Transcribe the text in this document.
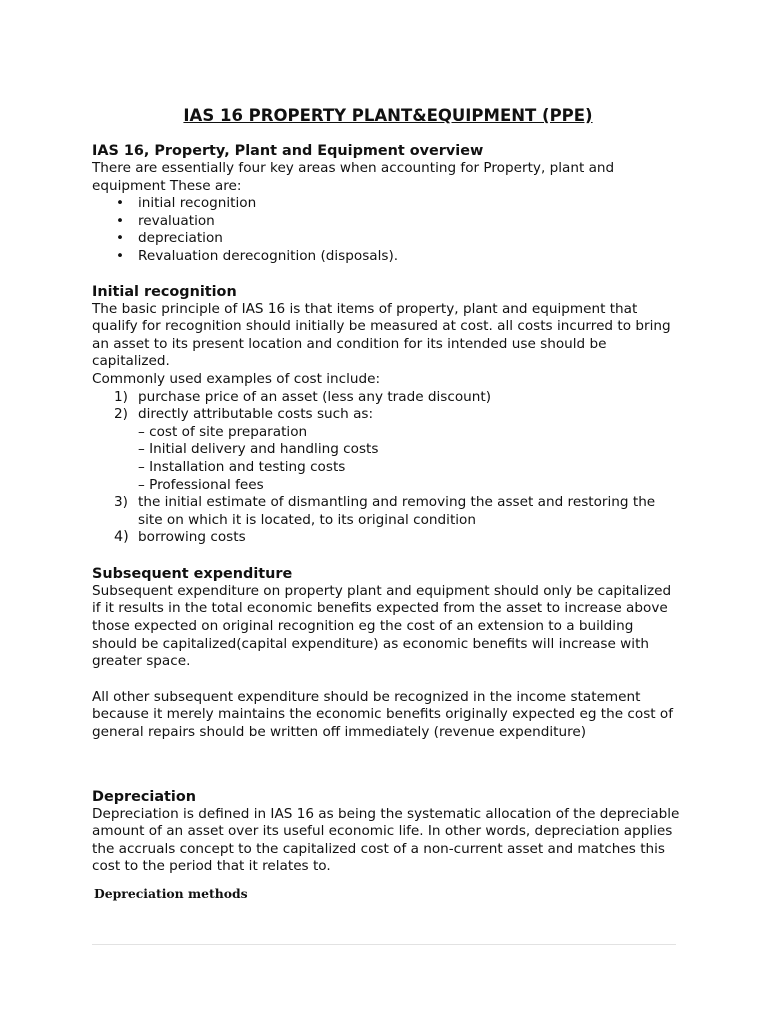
IAS 16 PROPERTY PLANT&EQUIPMENT (PPE)
IAS 16, Property, Plant and Equipment overview

There are essentially four key areas when accounting for Property, plant and equipment These are:

• initial recognition
• revaluation
• depreciation
• Revaluation derecognition (disposals).
Initial recognition

The basic principle of IAS 16 is that items of property, plant and equipment that qualify for recognition should initially be measured at cost. all costs incurred to bring an asset to its present location and condition for its intended use should be capitalized.

Commonly used examples of cost include:

1) purchase price of an asset (less any trade discount)
2) directly attributable costs such as:
– cost of site preparation
– Initial delivery and handling costs
– Installation and testing costs
– Professional fees
3) the initial estimate of dismantling and removing the asset and restoring the site on which it is located, to its original condition
4) borrowing costs
Subsequent expenditure

Subsequent expenditure on property plant and equipment should only be capitalized if it results in the total economic benefits expected from the asset to increase above those expected on original recognition eg the cost of an extension to a building should be capitalized(capital expenditure) as economic benefits will increase with greater space.

All other subsequent expenditure should be recognized in the income statement because it merely maintains the economic benefits originally expected eg the cost of general repairs should be written off immediately (revenue expenditure)

Depreciation

Depreciation is defined in IAS 16 as being the systematic allocation of the depreciable amount of an asset over its useful economic life. In other words, depreciation applies the accruals concept to the capitalized cost of a non-current asset and matches this cost to the period that it relates to.

Depreciation methods
